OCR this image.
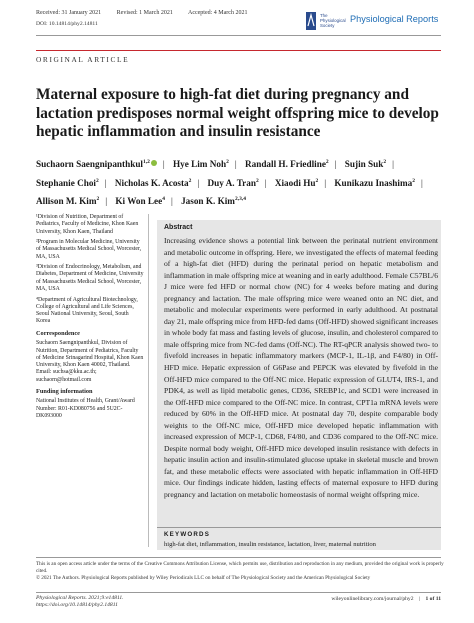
Received: 31 January 2021	Revised: 1 March 2021	Accepted: 4 March 2021
DOI: 10.14814/phy2.14811
The Physiological Society
Physiological Reports
ORIGINAL ARTICLE
Maternal exposure to high-fat diet during pregnancy and lactation predisposes normal weight offspring mice to develop hepatic inflammation and insulin resistance
Suchaorn Saengnipanthkul$^{1,2}$ | Hye Lim Noh$^2$ | Randall H. Friedline$^2$ | Sujin Suk$^2$ | Stephanie Choi$^2$ | Nicholas K. Acosta$^2$ | Duy A. Tran$^2$ | Xiaodi Hu$^2$ | Kunikazu Inashima$^2$ | Allison M. Kim$^2$ | Ki Won Lee$^4$ | Jason K. Kim$^{2,3,4}$

¹Division of Nutrition, Department of Pediatrics, Faculty of Medicine, Khon Kaen University, Khon Kaen, Thailand

²Program in Molecular Medicine, University of Massachusetts Medical School, Worcester, MA, USA

³Division of Endocrinology, Metabolism, and Diabetes, Department of Medicine, University of Massachusetts Medical School, Worcester, MA, USA

⁴Department of Agricultural Biotechnology, College of Agricultural and Life Sciences, Seoul National University, Seoul, South Korea

Correspondence

Suchaorn Saengnipanthkul, Division of Nutrition, Department of Pediatrics, Faculty of Medicine Srinagarind Hospital, Khon Kaen University, Khon Kaen 40002, Thailand. Email: suchsa@kku.ac.th; suchaorn@hotmail.com

Funding information

National Institutes of Health, Grant/Award Number: R01-KD080756 and 5U2C-DK093000

Abstract
Increasing evidence shows a potential link between the perinatal nutrient environment and metabolic outcome in offspring. Here, we investigated the effects of maternal feeding of a high-fat diet (HFD) during the perinatal period on hepatic metabolism and inflammation in male offspring mice at weaning and in early adulthood. Female C57BL/6 J mice were fed HFD or normal chow (NC) for 4 weeks before mating and during pregnancy and lactation. The male offspring mice were weaned onto an NC diet, and metabolic and molecular experiments were performed in early adulthood. At postnatal day 21, male offspring mice from HFD-fed dams (Off-HFD) showed significant increases in whole body fat mass and fasting levels of glucose, insulin, and cholesterol compared to male offspring mice from NC-fed dams (Off-NC). The RT-qPCR analysis showed two- to fivefold increases in hepatic inflammatory markers (MCP-1, IL-1β, and F4/80) in Off-HFD mice. Hepatic expression of G6Pase and PEPCK was elevated by fivefold in the Off-HFD mice compared to the Off-NC mice. Hepatic expression of GLUT4, IRS-1, and PDK4, as well as lipid metabolic genes, CD36, SREBP1c, and SCD1 were increased in the Off-HFD mice compared to the Off-NC mice. In contrast, CPT1a mRNA levels were reduced by 60% in the Off-HFD mice. At postnatal day 70, despite comparable body weights to the Off-NC mice, Off-HFD mice developed hepatic inflammation with increased expression of MCP-1, CD68, F4/80, and CD36 compared to the Off-NC mice. Despite normal body weight, Off-HFD mice developed insulin resistance with defects in hepatic insulin action and insulin-stimulated glucose uptake in skeletal muscle and brown fat, and these metabolic effects were associated with hepatic inflammation in Off-HFD mice. Our findings indicate hidden, lasting effects of maternal exposure to HFD during pregnancy and lactation on metabolic homeostasis of normal weight offspring mice.
KEYWORDS
high-fat diet, inflammation, insulin resistance, lactation, liver, maternal nutrition
This is an open access article under the terms of the Creative Commons Attribution License, which permits use, distribution and reproduction in any medium, provided the original work is properly cited.
© 2021 The Authors. Physiological Reports published by Wiley Periodicals LLC on behalf of The Physiological Society and the American Physiological Society
Physiological Reports. 2021;9:e14811.
https://doi.org/10.14814/phy2.14811
wileyonlinelibrary.com/journal/phy2 | 1 of 11
